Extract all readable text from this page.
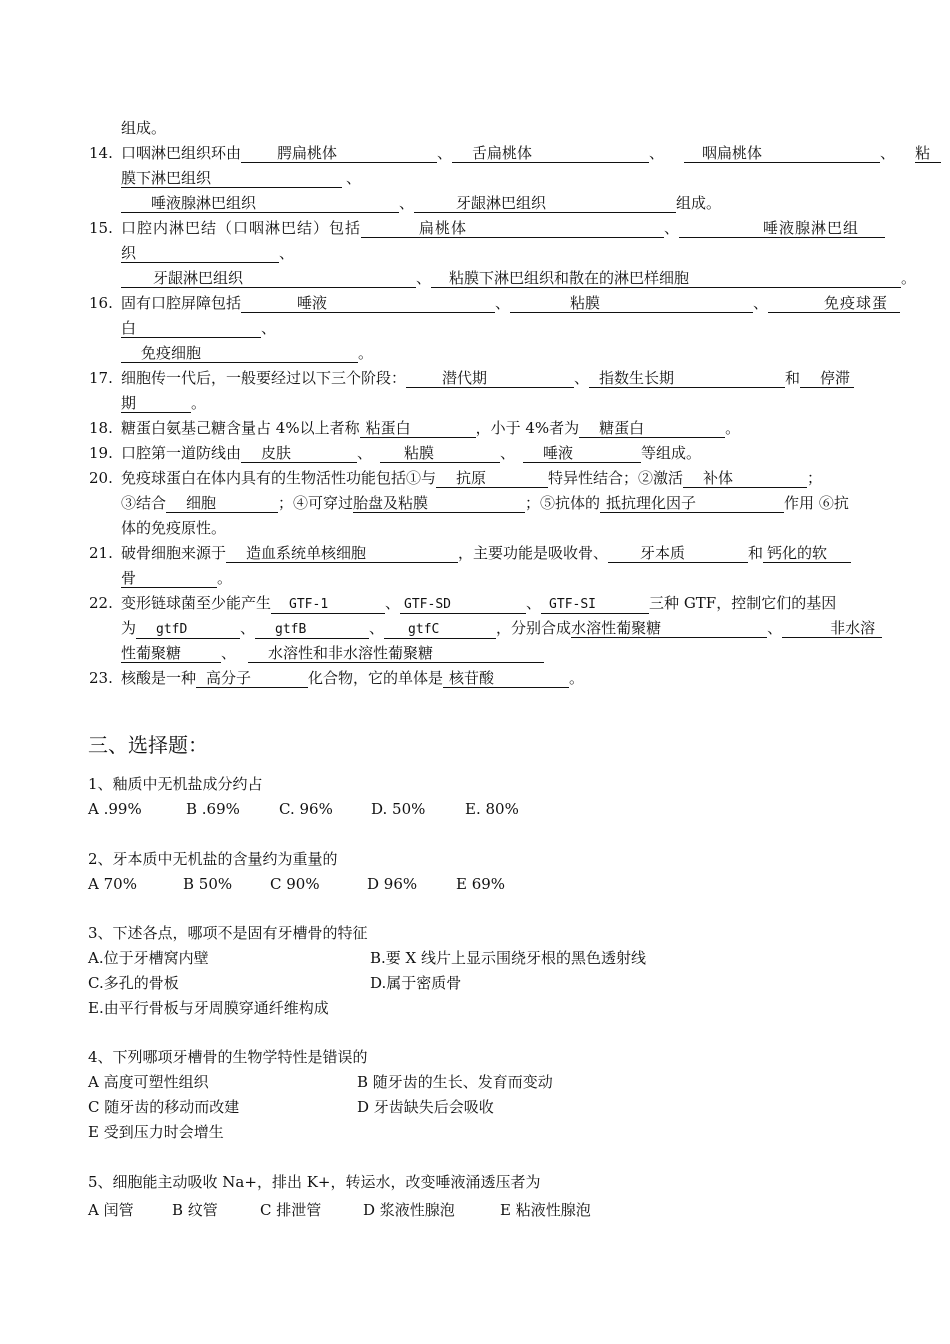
组成。
14. 口咽淋巴组织环由 腭扁桃体	、 舌扁桃体	、	咽扁桃体	、 粘
膜下淋巴组织	、
唾液腺淋巴组织	、	牙龈淋巴组织	组成。
15. 口腔内淋巴结（口咽淋巴结）包括	扁桃体	、	唾液腺淋巴组
织	、
牙龈淋巴组织	、 粘膜下淋巴组织和散在的淋巴样细胞	。
16. 固有口腔屏障包括	唾液	、	粘膜	、	免疫球蛋
白	、
免疫细胞	。
17. 细胞传一代后，一般要经过以下三个阶段： 潜代期	、 指数生长期	和 停滞
期	。
18. 糖蛋白氨基己糖含量占 4%以上者称 粘蛋白	，小于 4%者为 糖蛋白	。
19. 口腔第一道防线由 皮肤	、 粘膜	、 唾液	等组成。
20. 免疫球蛋白在体内具有的生物活性功能包括①与 抗原	特异性结合；②激活 补体	；
③结合 细胞	；④可穿过胎盘及粘膜	；⑤抗体的 抵抗理化因子	作用 ⑥抗
体的免疫原性。
21. 破骨细胞来源于 造血系统单核细胞	，主要功能是吸收骨、 牙本质	和 钙化的软
骨	。
22. 变形链球菌至少能产生 GTF-1	、 GTF-SD	、 GTF-SI	三种 GTF，控制它们的基因
为 gtfD	、 gtfB	、 gtfC	，分别合成水溶性葡聚糖	、	非水溶
性葡聚糖	、 水溶性和非水溶性葡聚糖
23. 核酸是一种 高分子	化合物，它的单体是 核苷酸	。
三、选择题：
1、釉质中无机盐成分约占
A .99%	B .69%	C. 96%	D. 50%	E. 80%
2、牙本质中无机盐的含量约为重量的
A 70%	B 50%	C 90%	D 96%	E 69%
3、下述各点，哪项不是固有牙槽骨的特征
A.位于牙槽窝内壁	B.要 X 线片上显示围绕牙根的黑色透射线
C.多孔的骨板	D.属于密质骨
E.由平行骨板与牙周膜穿通纤维构成
4、下列哪项牙槽骨的生物学特性是错误的
A 高度可塑性组织	B 随牙齿的生长、发育而变动
C 随牙齿的移动而改建	D 牙齿缺失后会吸收
E 受到压力时会增生
5、细胞能主动吸收 Na+，排出 K+，转运水，改变唾液涌透压者为
A 闰管	B 纹管	C 排泄管	D 浆液性腺泡	E 粘液性腺泡
